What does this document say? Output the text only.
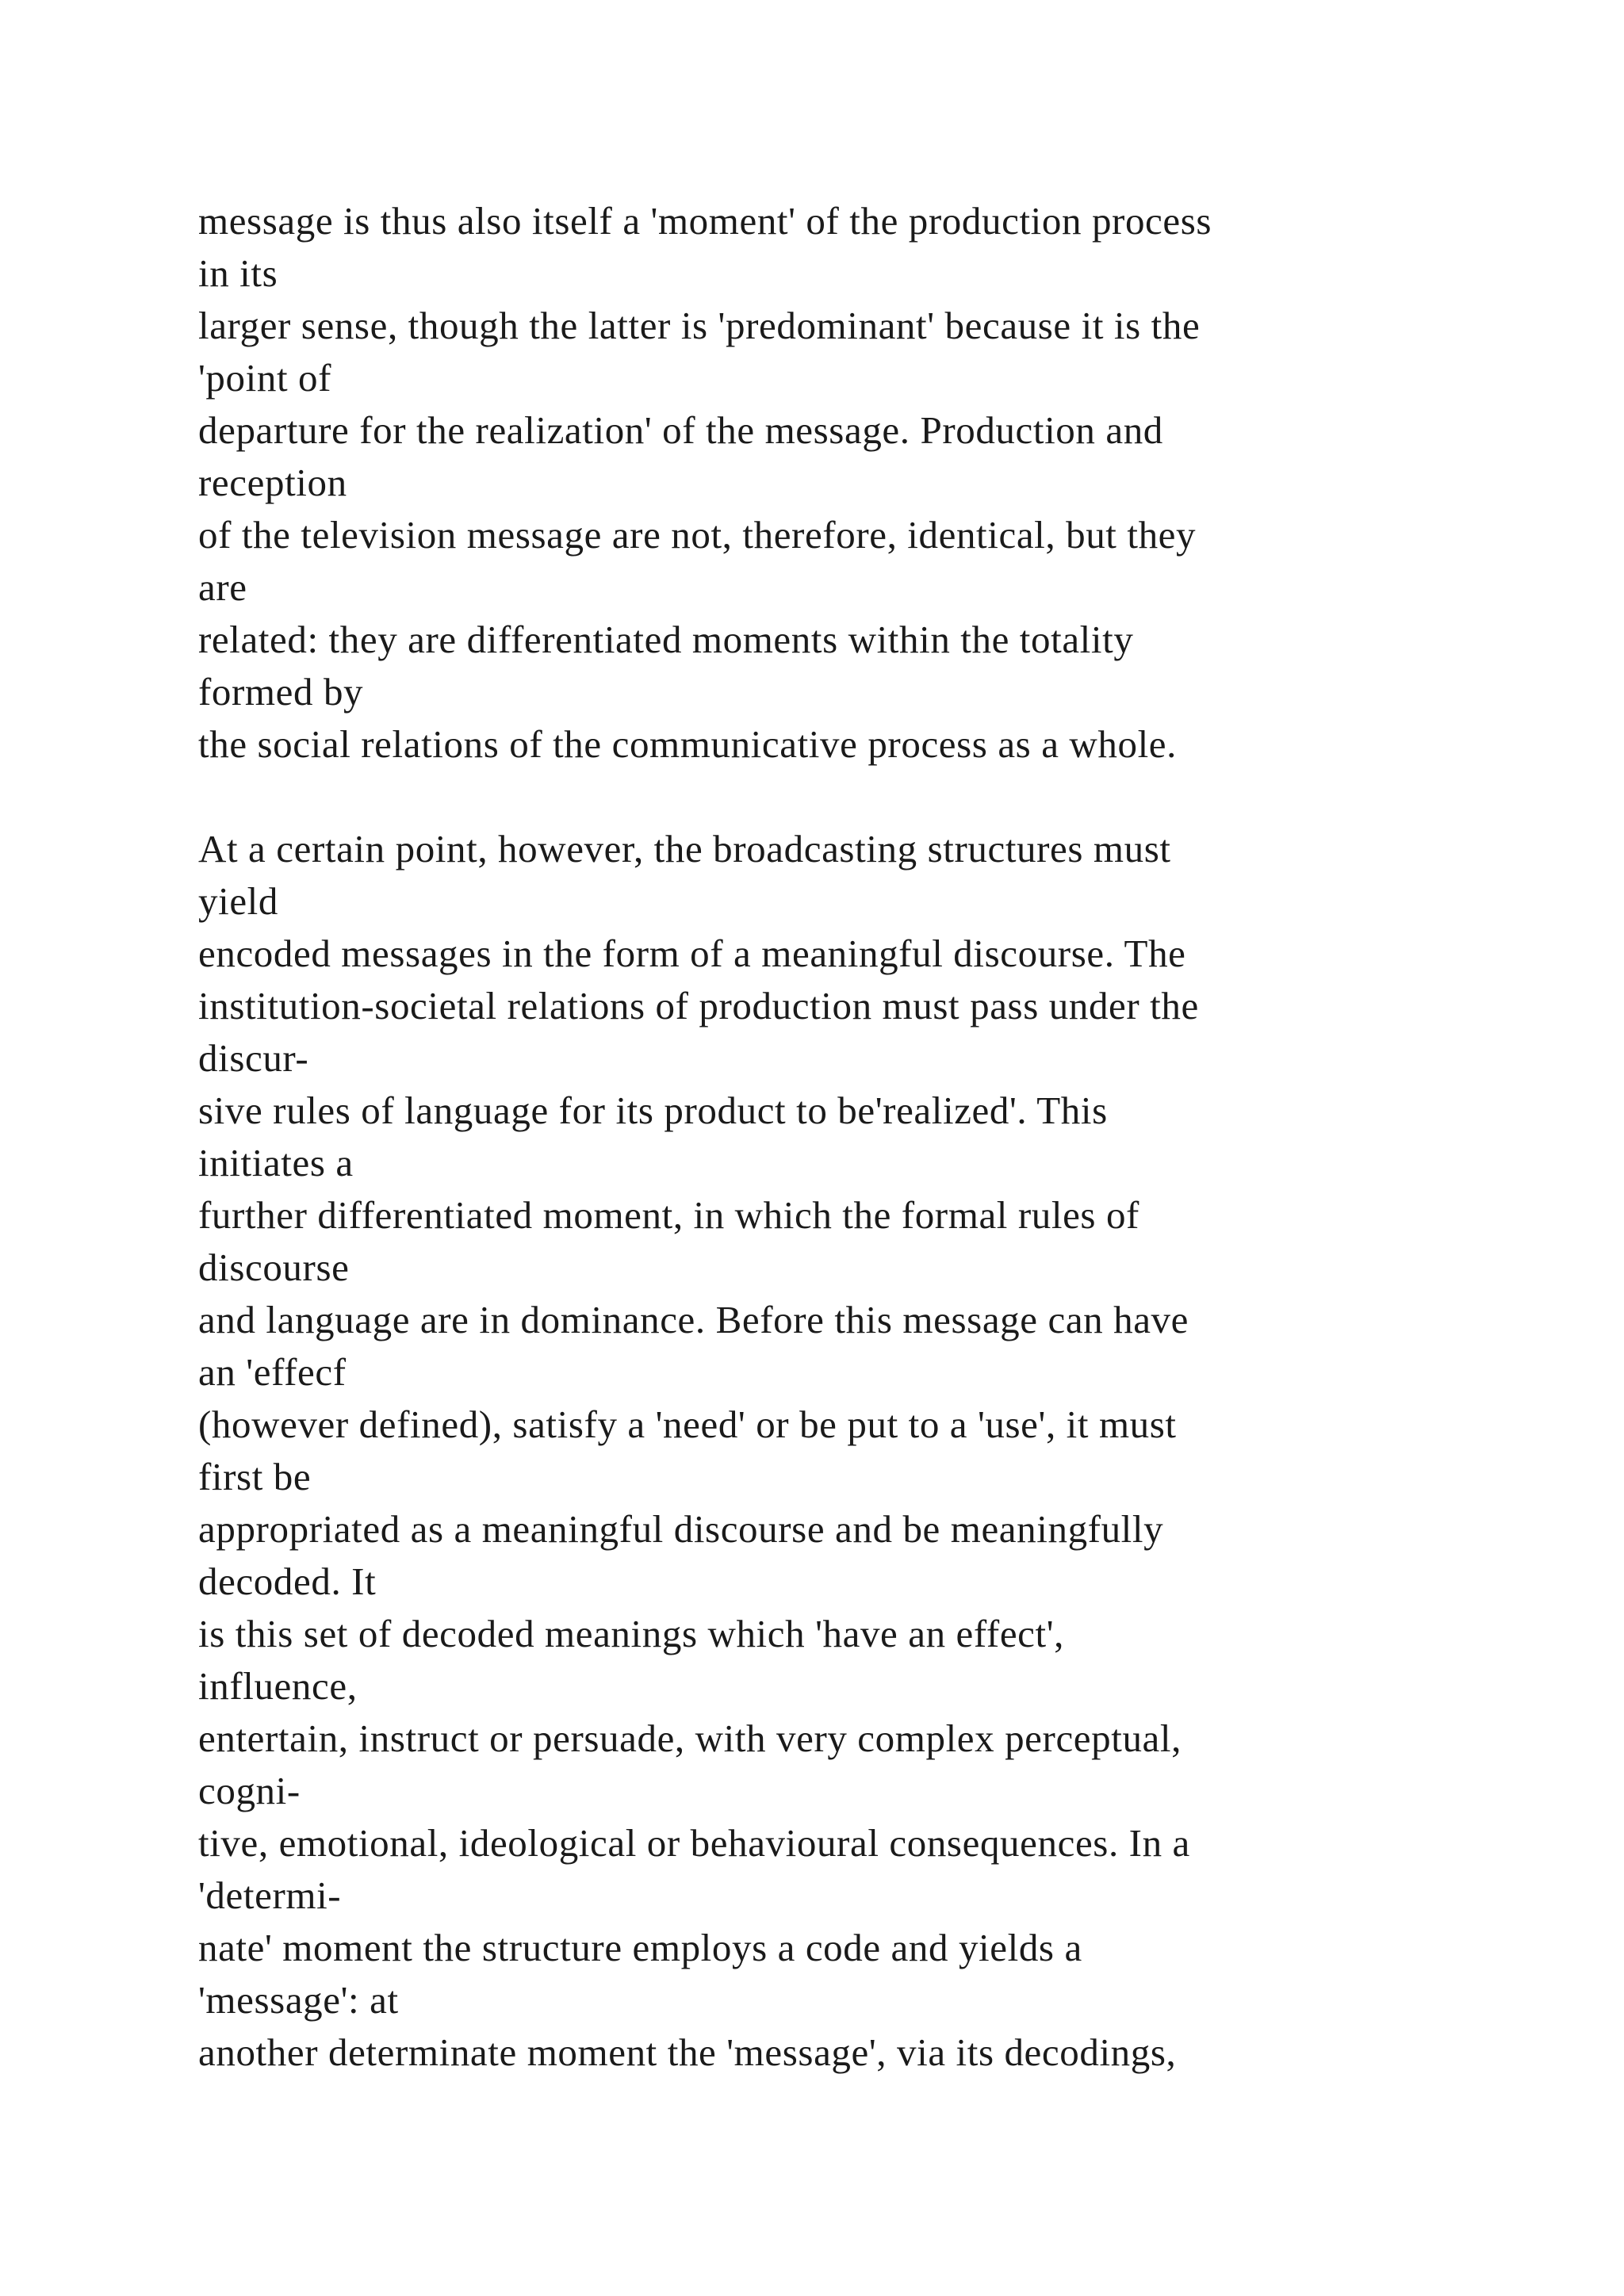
message is thus also itself a 'moment' of the production process
in its
larger sense, though the latter is 'predominant' because it is the
'point of
departure for the realization' of the message. Production and
reception
of the television message are not, therefore, identical, but they
are
related: they are differentiated moments within the totality
formed by
the social relations of the communicative process as a whole.
At a certain point, however, the broadcasting structures must
yield
encoded messages in the form of a meaningful discourse. The
institution-societal relations of production must pass under the
discur-
sive rules of language for its product to be'realized'. This
initiates a
further differentiated moment, in which the formal rules of
discourse
and language are in dominance. Before this message can have
an 'effecf
(however defined), satisfy a 'need' or be put to a 'use', it must
first be
appropriated as a meaningful discourse and be meaningfully
decoded. It
is this set of decoded meanings which 'have an effect',
influence,
entertain, instruct or persuade, with very complex perceptual,
cogni-
tive, emotional, ideological or behavioural consequences. In a
'determi-
nate' moment the structure employs a code and yields a
'message': at
another determinate moment the 'message', via its decodings,
